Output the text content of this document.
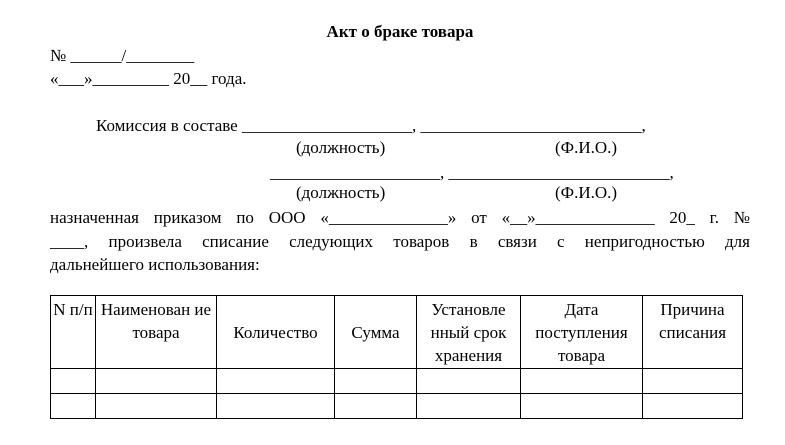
Акт о браке товара
№ ______/________
«___»_________ 20__ года.
Комиссия в составе ____________________, __________________________,
(должность)	(Ф.И.О.)
____________________, __________________________,
(должность)	(Ф.И.О.)
назначенная приказом по ООО «______________» от «__»______________ 20_ г. №
____, произвела списание следующих товаров в связи с непригодностью для
дальнейшего использования:
N п/п	Наименован ие товара	Количество	Сумма	Установле нный срок хранения	Дата поступления товара	Причина списания
